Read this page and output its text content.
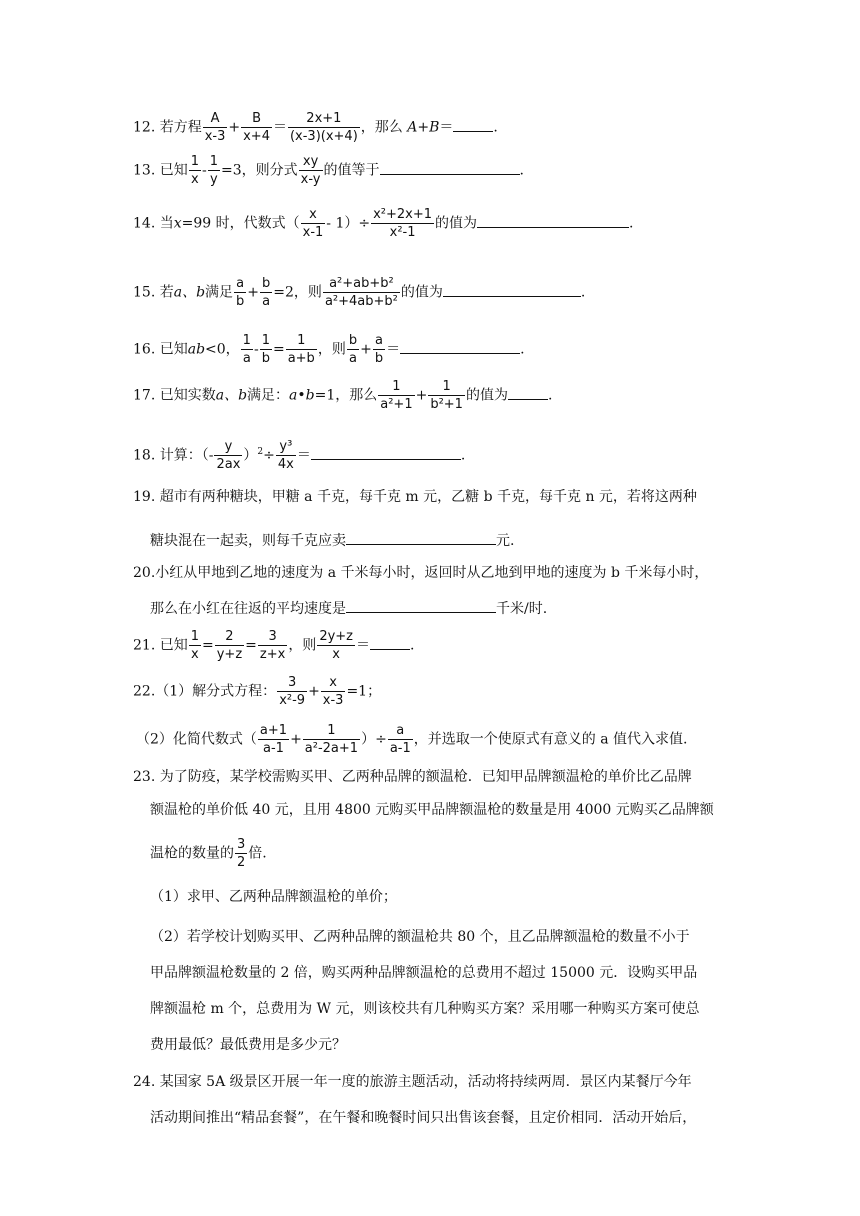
12. 若方程 $\frac{A}{x-3} + \frac{B}{x+4} = \frac{2x+1}{(x-3)(x+4)}$ ，那么 A+B＝	.
13. 已知 $\frac{1}{x} - \frac{1}{y} =3$，则分式 $\frac{xy}{x-y}$ 的值等于	.
14. 当x=99 时，代数式（ $\frac{x}{x-1} - 1)\div \frac{\text{x²+2x+1}}{\text{x²-1}}$ 的值为	.
15. 若a、b满足 $\frac{a}{b} + \frac{b}{a} =2$，则 $\frac{\text{a²+ab+b²}}{\text{a²+4ab+b²}}$ 的值为	.
16. 已知ab<0， $\frac{1}{a} - \frac{1}{b} = \frac{1}{a+b}$ ，则 $\frac{b}{a} + \frac{a}{b}$ ＝	.
17. 已知实数a、b满足：a•b=1，那么 $\frac{1}{\text{a²+1}} + \frac{1}{\text{b²+1}}$ 的值为	.
18. 计算：（- $\frac{y}{2ax} )^2\div \frac{\text{y³}}{4x}$ ＝	.
19. 超市有两种糖块，甲糖 a 千克，每千克 m 元，乙糖 b 千克，每千克 n 元，若将这两种
糖块混在一起卖，则每千克应卖	元.
20.小红从甲地到乙地的速度为 a 千米每小时，返回时从乙地到甲地的速度为 b 千米每小时，
那么在小红在往返的平均速度是	千米/时.
21. 已知 $\frac{1}{x} = \frac{2}{y+z} = \frac{3}{z+x}$ ，则 $\frac{2y+z}{x}$ ＝	.
22.（1）解分式方程： $\frac{3}{\text{x²-9}} + \frac{x}{x-3} =1$；
（2）化简代数式（ $\frac{a+1}{a-1} + \frac{1}{\text{a²-2a+1}}$ ）÷ $\frac{a}{a-1}$ ，并选取一个使原式有意义的 a 值代入求值.
23. 为了防疫，某学校需购买甲、乙两种品牌的额温枪．已知甲品牌额温枪的单价比乙品牌
额温枪的单价低 40 元，且用 4800 元购买甲品牌额温枪的数量是用 4000 元购买乙品牌额
温枪的数量的 $\frac{3}{2}$ 倍.
（1）求甲、乙两种品牌额温枪的单价；
（2）若学校计划购买甲、乙两种品牌的额温枪共 80 个，且乙品牌额温枪的数量不小于
甲品牌额温枪数量的 2 倍，购买两种品牌额温枪的总费用不超过 15000 元．设购买甲品
牌额温枪 m 个，总费用为 W 元，则该校共有几种购买方案？采用哪一种购买方案可使总
费用最低？最低费用是多少元？
24. 某国家 5A 级景区开展一年一度的旅游主题活动，活动将持续两周．景区内某餐厅今年
活动期间推出“精品套餐”，在午餐和晚餐时间只出售该套餐，且定价相同．活动开始后，
